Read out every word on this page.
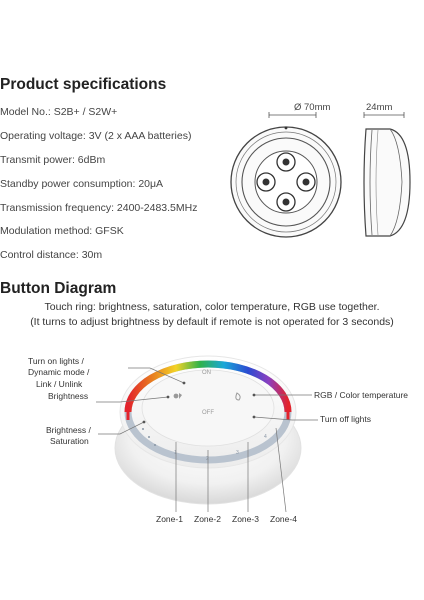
Product specifications
Model No.: S2B+ / S2W+
Operating voltage: 3V (2 x AAA batteries)
Transmit power: 6dBm
Standby power consumption: 20μA
Transmission frequency: 2400-2483.5MHz
Modulation method: GFSK
Control distance: 30m
Ø 70mm	24mm
Button Diagram
Touch ring: brightness, saturation, color temperature, RGB use together.
(It turns to adjust brightness by default if remote is not operated for 3 seconds)
1
2
3
4
ON
OFF
Turn on lights /
Dynamic mode /
Link / Unlink
Brightness
Brightness /
Saturation
RGB / Color temperature
Turn off lights
Zone-1 Zone-2 Zone-3 Zone-4
